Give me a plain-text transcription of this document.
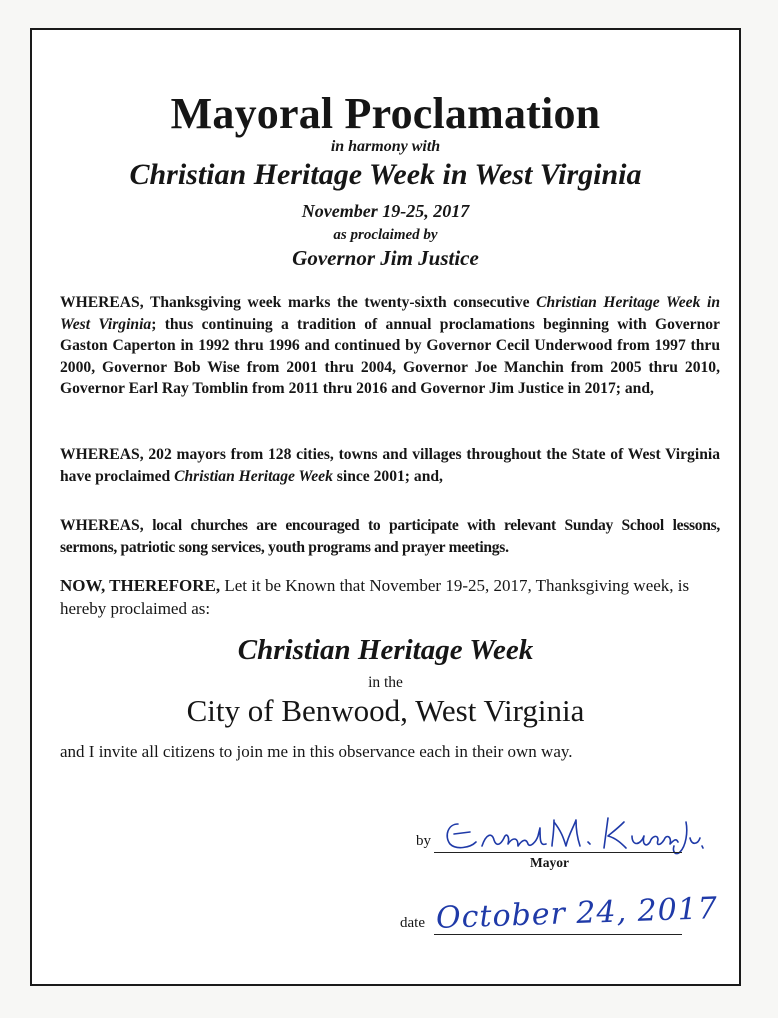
Mayoral Proclamation
in harmony with
Christian Heritage Week in West Virginia
November 19-25, 2017
as proclaimed by
Governor Jim Justice
WHEREAS, Thanksgiving week marks the twenty-sixth consecutive Christian Heritage Week in West Virginia; thus continuing a tradition of annual proclamations beginning with Governor Gaston Caperton in 1992 thru 1996 and continued by Governor Cecil Underwood from 1997 thru 2000, Governor Bob Wise from 2001 thru 2004, Governor Joe Manchin from 2005 thru 2010, Governor Earl Ray Tomblin from 2011 thru 2016 and Governor Jim Justice in 2017; and,
WHEREAS, 202 mayors from 128 cities, towns and villages throughout the State of West Virginia have proclaimed Christian Heritage Week since 2001; and,
WHEREAS, local churches are encouraged to participate with relevant Sunday School lessons, sermons, patriotic song services, youth programs and prayer meetings.
NOW, THEREFORE, Let it be Known that November 19-25, 2017, Thanksgiving week, is hereby proclaimed as:
Christian Heritage Week
in the
City of Benwood, West Virginia
and I invite all citizens to join me in this observance each in their own way.
by
Mayor
date October 24, 2017
